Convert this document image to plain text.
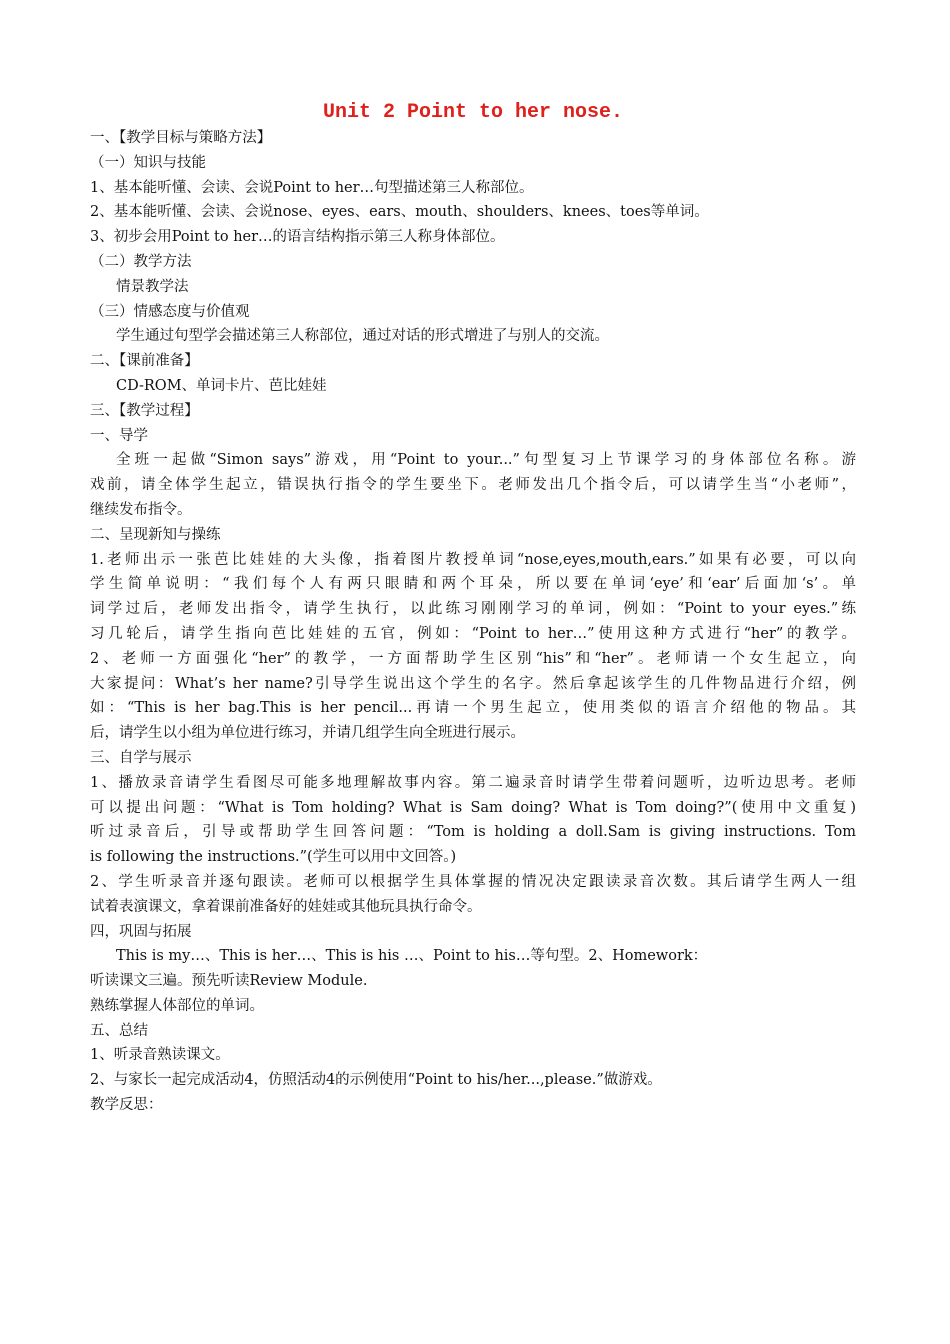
Unit 2 Point to her nose.
一、【教学目标与策略方法】
（一）知识与技能
1、基本能听懂、会读、会说Point to her…句型描述第三人称部位。
2、基本能听懂、会读、会说nose、eyes、ears、mouth、shoulders、knees、toes等单词。
3、初步会用Point to her…的语言结构指示第三人称身体部位。
（二）教学方法
情景教学法
（三）情感态度与价值观
学生通过句型学会描述第三人称部位，通过对话的形式增进了与别人的交流。
二、【课前准备】
CD-ROM、单词卡片、芭比娃娃
三、【教学过程】
一、导学
全班一起做“Simon says”游戏，用“Point to your...”句型复习上节课学习的身体部位名称。游
戏前，请全体学生起立，错误执行指令的学生要坐下。老师发出几个指令后，可以请学生当“小老师”，
继续发布指令。
二、呈现新知与操练
1.老师出示一张芭比娃娃的大头像，指着图片教授单词“nose,eyes,mouth,ears.”如果有必要，可以向
学生简单说明：“我们每个人有两只眼睛和两个耳朵，所以要在单词‘eye’和‘ear’后面加‘s’。单
词学过后，老师发出指令，请学生执行，以此练习刚刚学习的单词，例如：“Point to your eyes.”练
习几轮后，请学生指向芭比娃娃的五官，例如：“Point to her…”使用这种方式进行“her”的教学。
2、老师一方面强化“her”的教学，一方面帮助学生区别“his”和“her”。老师请一个女生起立，向
大家提问：What’s her name?引导学生说出这个学生的名字。然后拿起该学生的几件物品进行介绍，例
如：“This is her bag.This is her pencil...再请一个男生起立，使用类似的语言介绍他的物品。其
后，请学生以小组为单位进行练习，并请几组学生向全班进行展示。
三、自学与展示
1、播放录音请学生看图尽可能多地理解故事内容。第二遍录音时请学生带着问题听，边听边思考。老师
可以提出问题：“What is Tom holding? What is Sam doing? What is Tom doing?”(使用中文重复)
听过录音后，引导或帮助学生回答问题：“Tom is holding a doll.Sam is giving instructions. Tom
is following the instructions.”(学生可以用中文回答。)
2、学生听录音并逐句跟读。老师可以根据学生具体掌握的情况决定跟读录音次数。其后请学生两人一组
试着表演课文，拿着课前准备好的娃娃或其他玩具执行命令。
四，巩固与拓展
This is my…、This is her…、This is his …、Point to his…等句型。2、Homework：
听读课文三遍。预先听读Review Module.
熟练掌握人体部位的单词。
五、总结
1、听录音熟读课文。
2、与家长一起完成活动4，仿照活动4的示例使用“Point to his/her...,please.”做游戏。
教学反思：
